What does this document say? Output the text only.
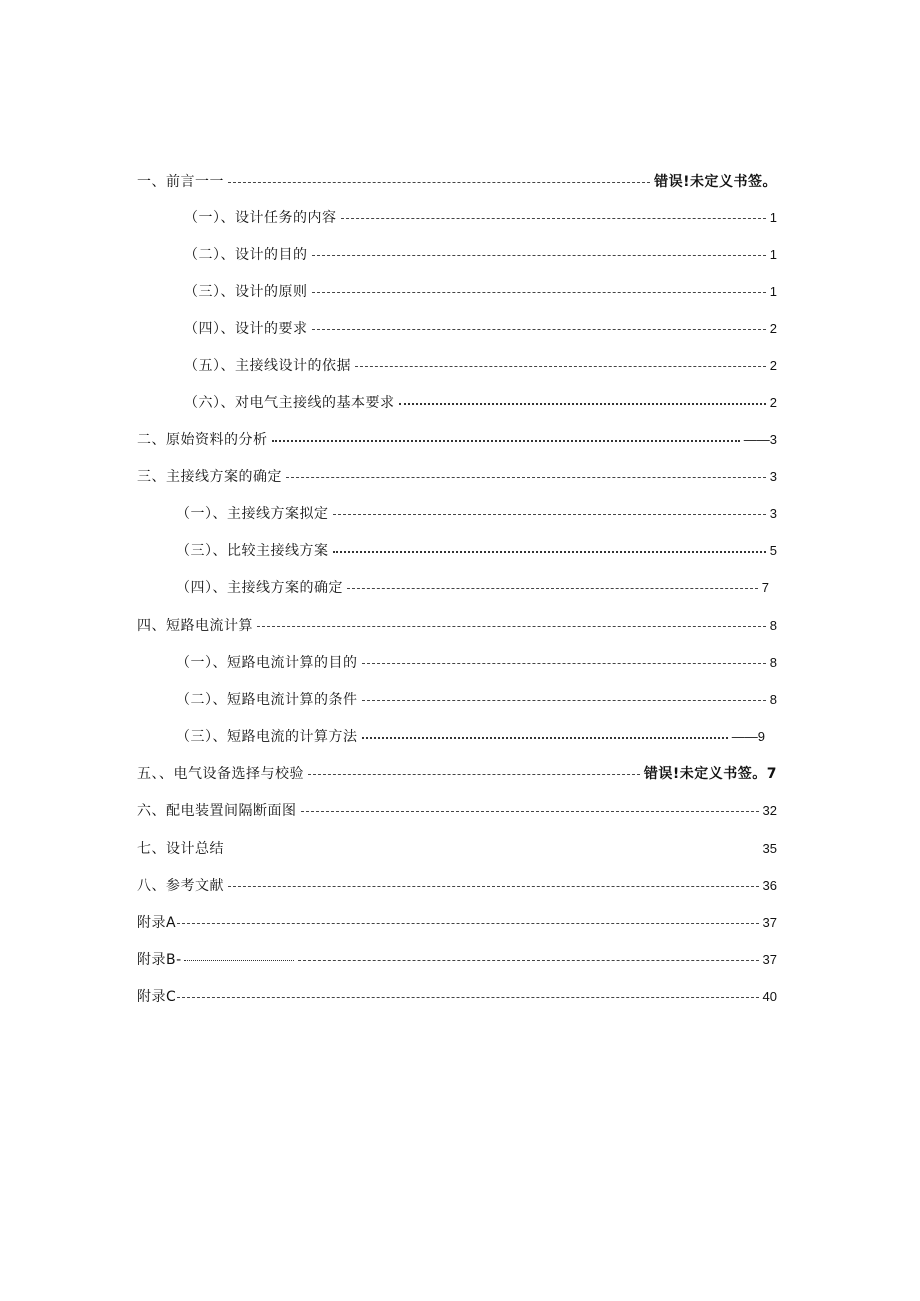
一、前言一一	错误!未定义书签。
（一）、设计任务的内容	1
（二）、设计的目的	1
（三）、设计的原则	1
（四）、设计的要求	2
（五）、主接线设计的依据	2
（六）、对电气主接线的基本要求	2
二、原始资料的分析	——3
三、主接线方案的确定	3
（一）、主接线方案拟定	3
（三）、比较主接线方案	5
（四）、主接线方案的确定	7
四、短路电流计算	8
（一）、短路电流计算的目的	8
（二）、短路电流计算的条件	8
（三）、短路电流的计算方法	——9
五、、电气设备选择与校验	错误!未定义书签。7
六、配电装置间隔断面图	32
七、设计总结	35
八、参考文献	36
附录A	37
附录B-	37
附录C	40
